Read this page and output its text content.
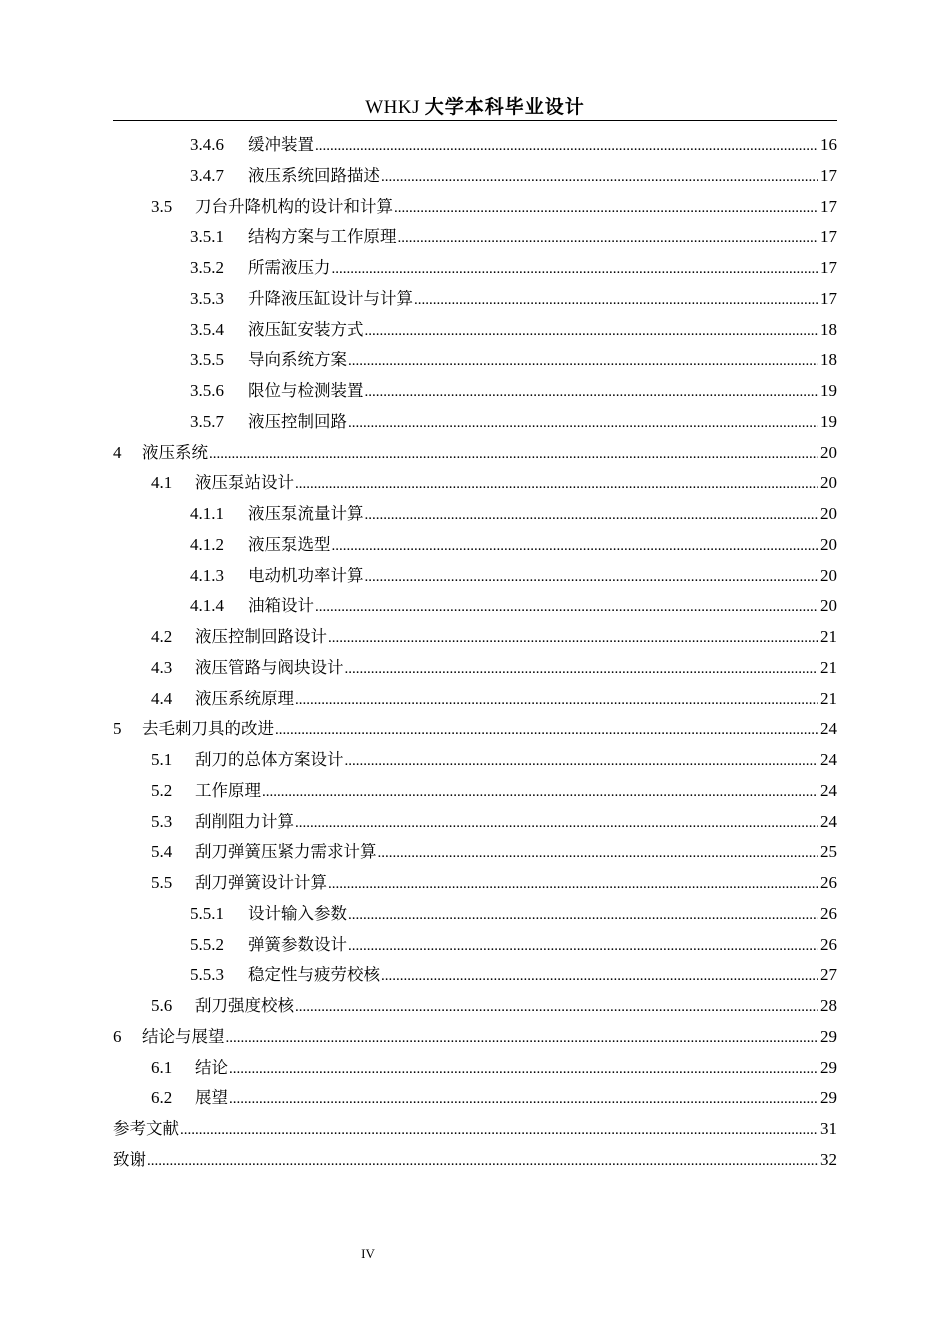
WHKJ 大学本科毕业设计
3.4.6	缓冲装置 .....	16
3.4.7	液压系统回路描述 .....	17
3.5	刀台升降机构的设计和计算 .....	17
3.5.1	结构方案与工作原理 .....	17
3.5.2	所需液压力 .....	17
3.5.3	升降液压缸设计与计算 .....	17
3.5.4	液压缸安装方式 .....	18
3.5.5	导向系统方案 .....	18
3.5.6	限位与检测装置 .....	19
3.5.7	液压控制回路 .....	19
4	液压系统 .....	20
4.1	液压泵站设计 .....	20
4.1.1	液压泵流量计算 .....	20
4.1.2	液压泵选型 .....	20
4.1.3	电动机功率计算 .....	20
4.1.4	油箱设计 .....	20
4.2	液压控制回路设计 .....	21
4.3	液压管路与阀块设计 .....	21
4.4	液压系统原理 .....	21
5	去毛刺刀具的改进 .....	24
5.1	刮刀的总体方案设计 .....	24
5.2	工作原理 .....	24
5.3	刮削阻力计算 .....	24
5.4	刮刀弹簧压紧力需求计算 .....	25
5.5	刮刀弹簧设计计算 .....	26
5.5.1	设计输入参数 .....	26
5.5.2	弹簧参数设计 .....	26
5.5.3	稳定性与疲劳校核 .....	27
5.6	刮刀强度校核 .....	28
6	结论与展望 .....	29
6.1	结论 .....	29
6.2	展望 .....	29
参考文献 .....	31
致谢 .....	32
IV
